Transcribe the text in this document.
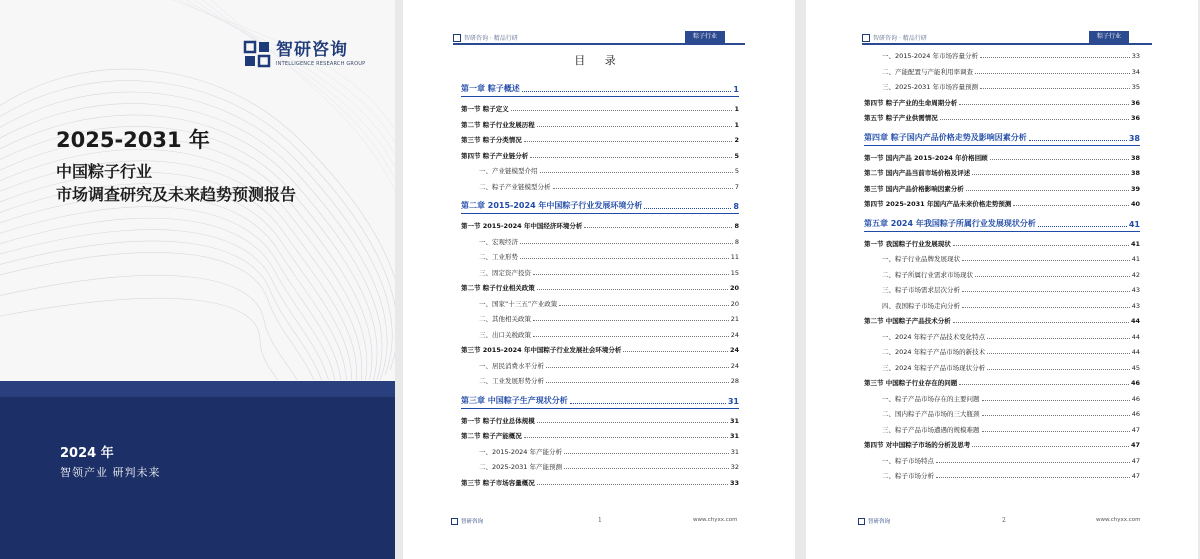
智研咨询
INTELLIGENCE RESEARCH GROUP
2025-2031 年
中国粽子行业
市场调查研究及未来趋势预测报告
2024 年
智领产业 研判未来
智研咨询 · 精品行研	粽子行业
目 录
第一章 粽子概述	1
第一节 粽子定义	1
第二节 粽子行业发展历程	1
第三节 粽子分类情况	2
第四节 粽子产业链分析	5
一、产业链模型介绍	5
二、粽子产业链模型分析	7
第二章 2015-2024 年中国粽子行业发展环境分析	8
第一节 2015-2024 年中国经济环境分析	8
一、宏观经济	8
二、工业形势	11
三、固定资产投资	15
第二节 粽子行业相关政策	20
一、国家“十三五”产业政策	20
二、其他相关政策	21
三、出口关税政策	24
第三节 2015-2024 年中国粽子行业发展社会环境分析	24
一、居民消费水平分析	24
二、工业发展形势分析	28
第三章 中国粽子生产现状分析	31
第一节 粽子行业总体规模	31
第二节 粽子产能概况	31
一、2015-2024 年产能分析	31
二、2025-2031 年产能预测	32
第三节 粽子市场容量概况	33
智研咨询	1	www.chyxx.com
智研咨询 · 精品行研	粽子行业
一、2015-2024 年市场容量分析	33
二、产能配置与产能利用率调查	34
三、2025-2031 年市场容量预测	35
第四节 粽子产业的生命周期分析	36
第五节 粽子产业供需情况	36
第四章 粽子国内产品价格走势及影响因素分析	38
第一节 国内产品 2015-2024 年价格回顾	38
第二节 国内产品当前市场价格及评述	38
第三节 国内产品价格影响因素分析	39
第四节 2025-2031 年国内产品未来价格走势预测	40
第五章 2024 年我国粽子所属行业发展现状分析	41
第一节 我国粽子行业发展现状	41
一、粽子行业品牌发展现状	41
二、粽子所属行业需求市场现状	42
三、粽子市场需求层次分析	43
四、我国粽子市场走向分析	43
第二节 中国粽子产品技术分析	44
一、2024 年粽子产品技术变化特点	44
二、2024 年粽子产品市场的新技术	44
三、2024 年粽子产品市场现状分析	45
第三节 中国粽子行业存在的问题	46
一、粽子产品市场存在的主要问题	46
二、国内粽子产品市场的三大瓶颈	46
三、粽子产品市场遭遇的规模难题	47
第四节 对中国粽子市场的分析及思考	47
一、粽子市场特点	47
二、粽子市场分析	47
智研咨询	2	www.chyxx.com
